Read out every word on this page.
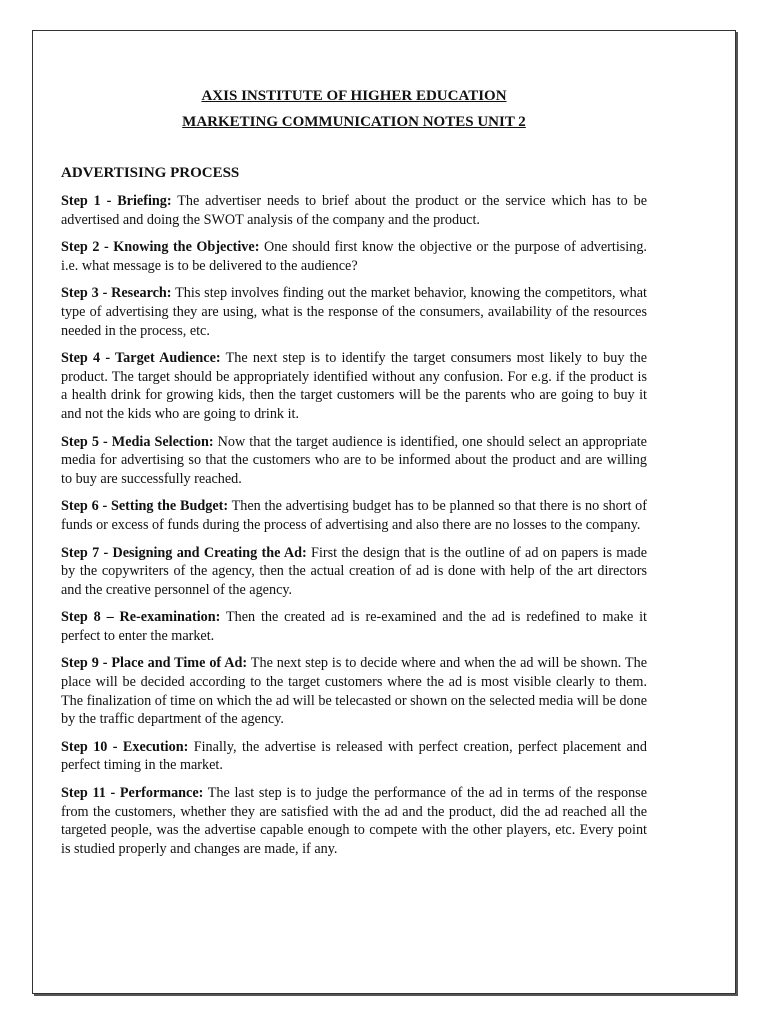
AXIS INSTITUTE OF HIGHER EDUCATION

MARKETING COMMUNICATION NOTES UNIT 2

ADVERTISING PROCESS

Step 1 - Briefing: The advertiser needs to brief about the product or the service which has to be advertised and doing the SWOT analysis of the company and the product.

Step 2 - Knowing the Objective: One should first know the objective or the purpose of advertising. i.e. what message is to be delivered to the audience?

Step 3 - Research: This step involves finding out the market behavior, knowing the competitors, what type of advertising they are using, what is the response of the consumers, availability of the resources needed in the process, etc.

Step 4 - Target Audience: The next step is to identify the target consumers most likely to buy the product. The target should be appropriately identified without any confusion. For e.g. if the product is a health drink for growing kids, then the target customers will be the parents who are going to buy it and not the kids who are going to drink it.

Step 5 - Media Selection: Now that the target audience is identified, one should select an appropriate media for advertising so that the customers who are to be informed about the product and are willing to buy are successfully reached.

Step 6 - Setting the Budget: Then the advertising budget has to be planned so that there is no short of funds or excess of funds during the process of advertising and also there are no losses to the company.

Step 7 - Designing and Creating the Ad: First the design that is the outline of ad on papers is made by the copywriters of the agency, then the actual creation of ad is done with help of the art directors and the creative personnel of the agency.

Step 8 – Re-examination: Then the created ad is re-examined and the ad is redefined to make it perfect to enter the market.

Step 9 - Place and Time of Ad: The next step is to decide where and when the ad will be shown. The place will be decided according to the target customers where the ad is most visible clearly to them. The finalization of time on which the ad will be telecasted or shown on the selected media will be done by the traffic department of the agency.

Step 10 - Execution: Finally, the advertise is released with perfect creation, perfect placement and perfect timing in the market.

Step 11 - Performance: The last step is to judge the performance of the ad in terms of the response from the customers, whether they are satisfied with the ad and the product, did the ad reached all the targeted people, was the advertise capable enough to compete with the other players, etc. Every point is studied properly and changes are made, if any.
